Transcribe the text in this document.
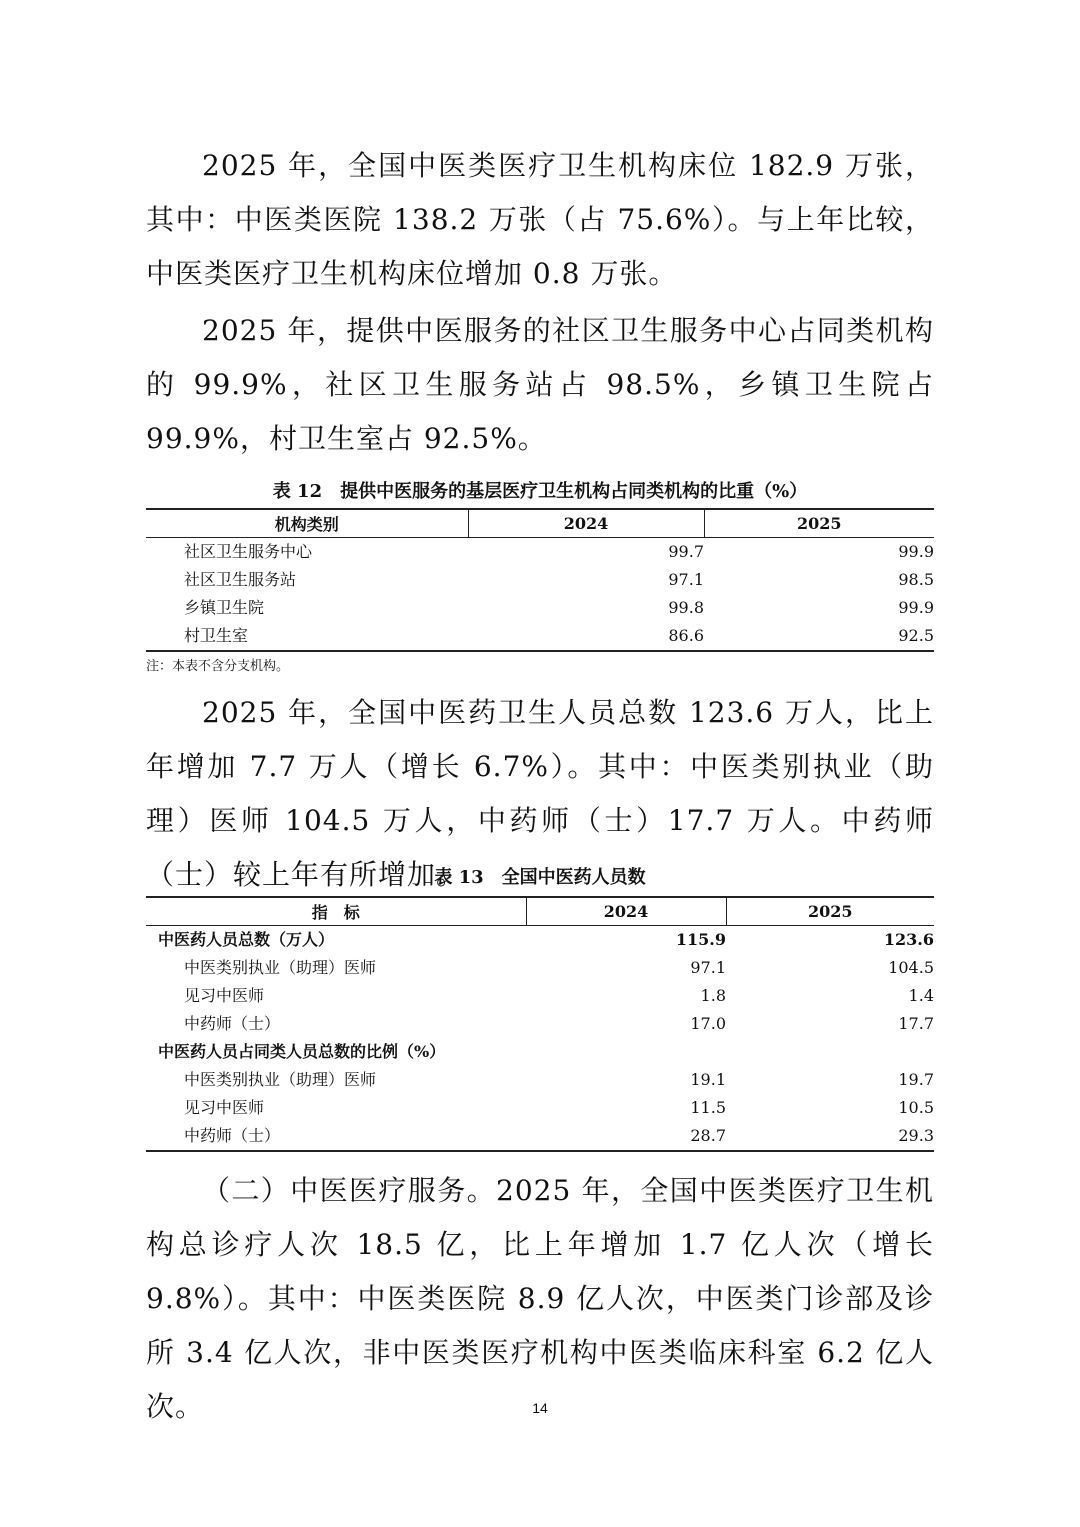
2025 年，全国中医类医疗卫生机构床位 182.9 万张，其中：中医类医院 138.2 万张（占 75.6%）。与上年比较，中医类医疗卫生机构床位增加 0.8 万张。

2025 年，提供中医服务的社区卫生服务中心占同类机构的 99.9%，社区卫生服务站占 98.5%，乡镇卫生院占 99.9%，村卫生室占 92.5%。

表 12　提供中医服务的基层医疗卫生机构占同类机构的比重（%）

机构类别	2024	2025
社区卫生服务中心	99.7	99.9
社区卫生服务站	97.1	98.5
乡镇卫生院	99.8	99.9
村卫生室	86.6	92.5

注：本表不含分支机构。

2025 年，全国中医药卫生人员总数 123.6 万人，比上年增加 7.7 万人（增长 6.7%）。其中：中医类别执业（助理）医师 104.5 万人，中药师（士）17.7 万人。中药师（士）较上年有所增加。

表 13　全国中医药人员数

指　标	2024	2025
中医药人员总数（万人）	115.9	123.6
中医类别执业（助理）医师	97.1	104.5
见习中医师	1.8	1.4
中药师（士）	17.0	17.7
中医药人员占同类人员总数的比例（%）		
中医类别执业（助理）医师	19.1	19.7
见习中医师	11.5	10.5
中药师（士）	28.7	29.3

（二）中医医疗服务。2025 年，全国中医类医疗卫生机构总诊疗人次 18.5 亿，比上年增加 1.7 亿人次（增长 9.8%）。其中：中医类医院 8.9 亿人次，中医类门诊部及诊所 3.4 亿人次，非中医类医疗机构中医类临床科室 6.2 亿人次。	14
